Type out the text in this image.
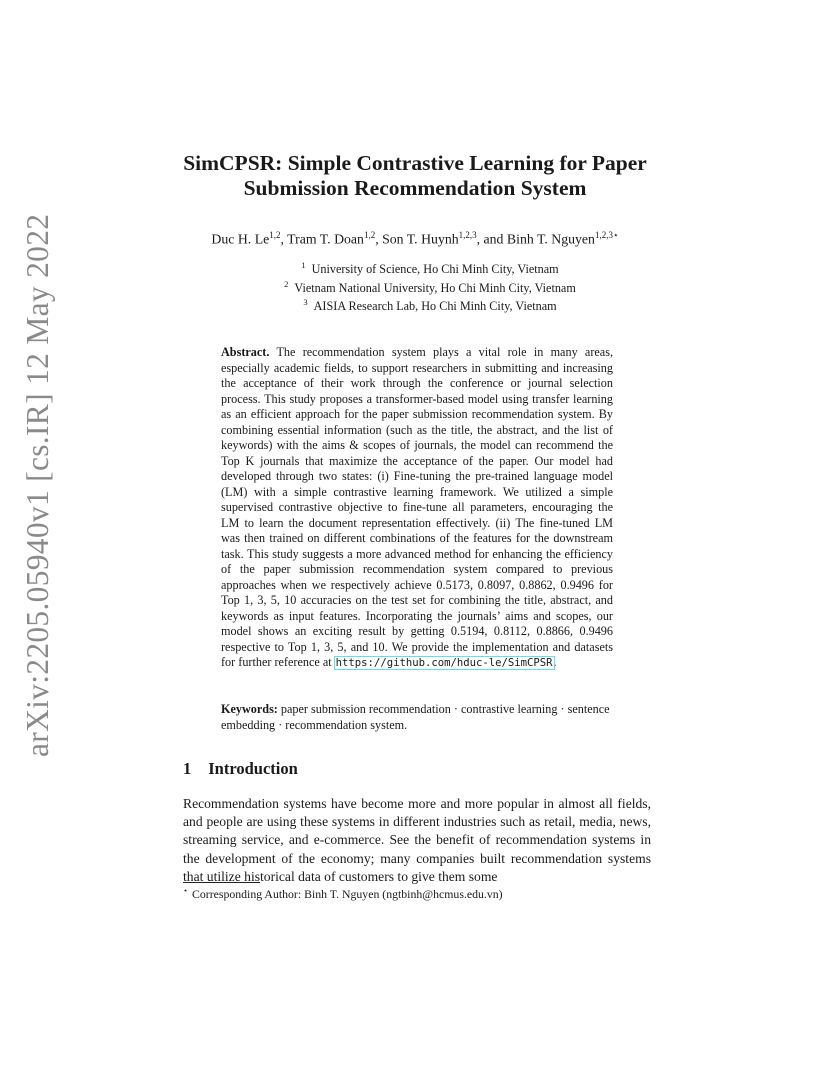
arXiv:2205.05940v1 [cs.IR] 12 May 2022
SimCPSR: Simple Contrastive Learning for Paper
Submission Recommendation System
Duc H. Le$^{1,2}$, Tram T. Doan$^{1,2}$, Son T. Huynh$^{1,2,3}$, and Binh T. Nguyen$^{1,2,3⋆}$
$^1$ University of Science, Ho Chi Minh City, Vietnam
$^2$ Vietnam National University, Ho Chi Minh City, Vietnam
$^3$ AISIA Research Lab, Ho Chi Minh City, Vietnam
Abstract. The recommendation system plays a vital role in many areas, especially academic fields, to support researchers in submitting and increasing the acceptance of their work through the conference or journal selection process. This study proposes a transformer-based model using transfer learning as an efficient approach for the paper submission recommendation system. By combining essential information (such as the title, the abstract, and the list of keywords) with the aims & scopes of journals, the model can recommend the Top K journals that maximize the acceptance of the paper. Our model had developed through two states: (i) Fine-tuning the pre-trained language model (LM) with a simple contrastive learning framework. We utilized a simple supervised contrastive objective to fine-tune all parameters, encouraging the LM to learn the document representation effectively. (ii) The fine-tuned LM was then trained on different combinations of the features for the downstream task. This study suggests a more advanced method for enhancing the efficiency of the paper submission recommendation system compared to previous approaches when we respectively achieve 0.5173, 0.8097, 0.8862, 0.9496 for Top 1, 3, 5, 10 accuracies on the test set for combining the title, abstract, and keywords as input features. Incorporating the journals’ aims and scopes, our model shows an exciting result by getting 0.5194, 0.8112, 0.8866, 0.9496 respective to Top 1, 3, 5, and 10. We provide the implementation and datasets for further reference at https://github.com/hduc-le/SimCPSR.
Keywords: paper submission recommendation · contrastive learning · sentence embedding · recommendation system.
1 Introduction
Recommendation systems have become more and more popular in almost all fields, and people are using these systems in different industries such as retail, media, news, streaming service, and e-commerce. See the benefit of recommendation systems in the development of the economy; many companies built recommendation systems that utilize historical data of customers to give them some
⋆ Corresponding Author: Binh T. Nguyen (ngtbinh@hcmus.edu.vn)
